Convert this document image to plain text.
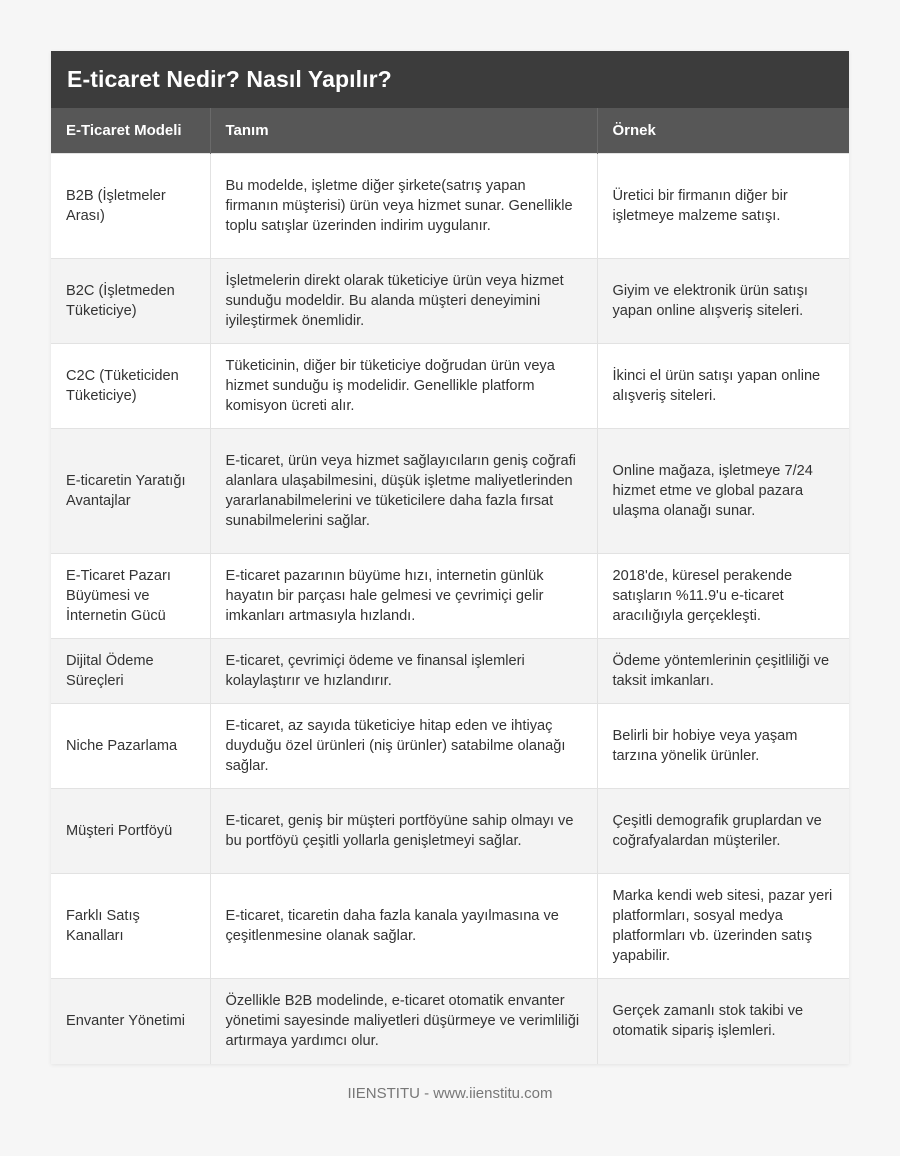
E-ticaret Nedir? Nasıl Yapılır?
E-Ticaret Modeli	Tanım	Örnek
B2B (İşletmeler Arası)	Bu modelde, işletme diğer şirkete(satrış yapan firmanın müşterisi) ürün veya hizmet sunar. Genellikle toplu satışlar üzerinden indirim uygulanır.	Üretici bir firmanın diğer bir işletmeye malzeme satışı.
B2C (İşletmeden Tüketiciye)	İşletmelerin direkt olarak tüketiciye ürün veya hizmet sunduğu modeldir. Bu alanda müşteri deneyimini iyileştirmek önemlidir.	Giyim ve elektronik ürün satışı yapan online alışveriş siteleri.
C2C (Tüketiciden Tüketiciye)	Tüketicinin, diğer bir tüketiciye doğrudan ürün veya hizmet sunduğu iş modelidir. Genellikle platform komisyon ücreti alır.	İkinci el ürün satışı yapan online alışveriş siteleri.
E-ticaretin Yaratığı Avantajlar	E-ticaret, ürün veya hizmet sağlayıcıların geniş coğrafi alanlara ulaşabilmesini, düşük işletme maliyetlerinden yararlanabilmelerini ve tüketicilere daha fazla fırsat sunabilmelerini sağlar.	Online mağaza, işletmeye 7/24 hizmet etme ve global pazara ulaşma olanağı sunar.
E-Ticaret Pazarı Büyümesi ve İnternetin Gücü	E-ticaret pazarının büyüme hızı, internetin günlük hayatın bir parçası hale gelmesi ve çevrimiçi gelir imkanları artmasıyla hızlandı.	2018'de, küresel perakende satışların %11.9'u e-ticaret aracılığıyla gerçekleşti.
Dijital Ödeme Süreçleri	E-ticaret, çevrimiçi ödeme ve finansal işlemleri kolaylaştırır ve hızlandırır.	Ödeme yöntemlerinin çeşitliliği ve taksit imkanları.
Niche Pazarlama	E-ticaret, az sayıda tüketiciye hitap eden ve ihtiyaç duyduğu özel ürünleri (niş ürünler) satabilme olanağı sağlar.	Belirli bir hobiye veya yaşam tarzına yönelik ürünler.
Müşteri Portföyü	E-ticaret, geniş bir müşteri portföyüne sahip olmayı ve bu portföyü çeşitli yollarla genişletmeyi sağlar.	Çeşitli demografik gruplardan ve coğrafyalardan müşteriler.
Farklı Satış Kanalları	E-ticaret, ticaretin daha fazla kanala yayılmasına ve çeşitlenmesine olanak sağlar.	Marka kendi web sitesi, pazar yeri platformları, sosyal medya platformları vb. üzerinden satış yapabilir.
Envanter Yönetimi	Özellikle B2B modelinde, e-ticaret otomatik envanter yönetimi sayesinde maliyetleri düşürmeye ve verimliliği artırmaya yardımcı olur.	Gerçek zamanlı stok takibi ve otomatik sipariş işlemleri.
IIENSTITU - www.iienstitu.com
